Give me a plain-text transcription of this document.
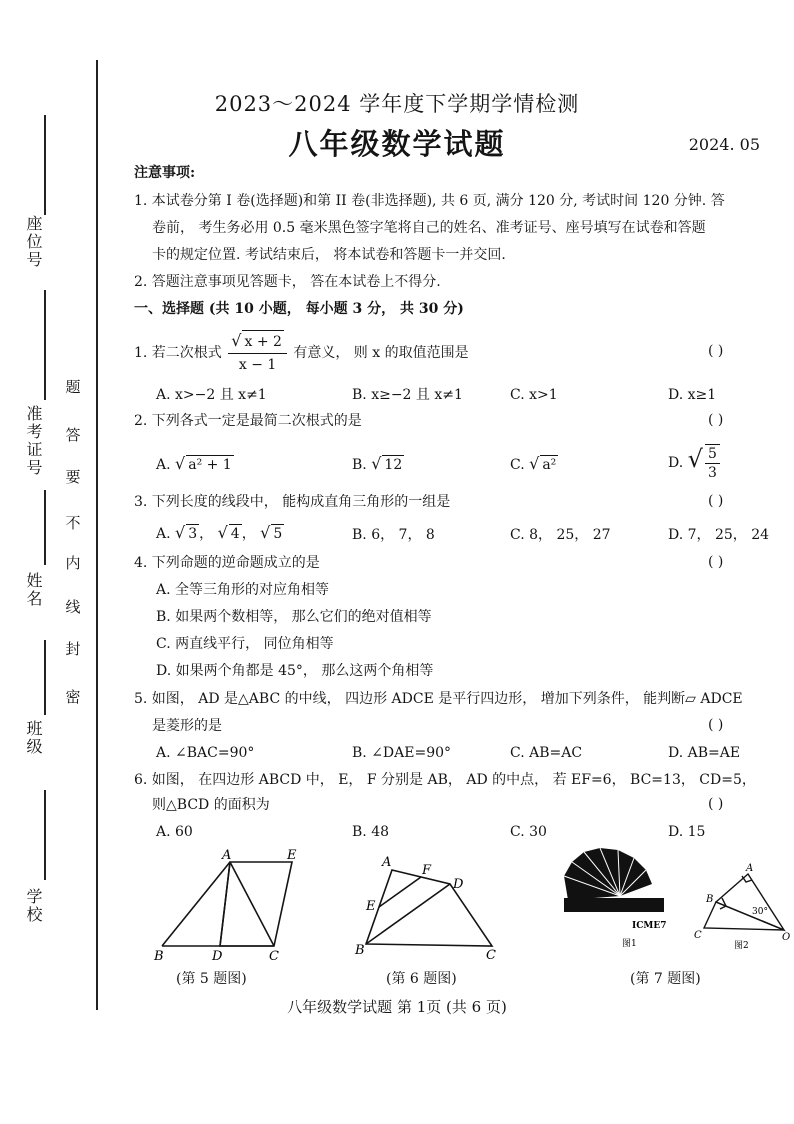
座位号
准考证号
姓名
班级
学校
题
答
要
不
内
线
封
密
2023～2024 学年度下学期学情检测
八年级数学试题	2024. 05
注意事项:
1. 本试卷分第 I 卷(选择题)和第 II 卷(非选择题), 共 6 页, 满分 120 分, 考试时间 120 分钟. 答
卷前， 考生务必用 0.5 毫米黑色签字笔将自己的姓名、准考证号、座号填写在试卷和答题
卡的规定位置. 考试结束后， 将本试卷和答题卡一并交回.
2. 答题注意事项见答题卡， 答在本试卷上不得分.
一、选择题 (共 10 小题， 每小题 3 分， 共 30 分)
1. 若二次根式 $\frac{√ x + 2}{x - 1}$ 有意义， 则 x 的取值范围是	( )
A. x>−2 且 x≠1	B. x≥−2 且 x≠1	C. x>1	D. x≥1
2. 下列各式一定是最简二次根式的是	( )
A. √ a² + 1	B. √ 12	C. √ a²	D. √ $\frac{5}{3}$
3. 下列长度的线段中， 能构成直角三角形的一组是	( )
A. √ 3 ， √ 4 ， √ 5	B. 6， 7， 8	C. 8， 25， 27	D. 7， 25， 24
4. 下列命题的逆命题成立的是	( )
A. 全等三角形的对应角相等
B. 如果两个数相等， 那么它们的绝对值相等
C. 两直线平行， 同位角相等
D. 如果两个角都是 45°， 那么这两个角相等
5. 如图， AD 是△ABC 的中线， 四边形 ADCE 是平行四边形， 增加下列条件， 能判断▱ ADCE
是菱形的是	( )
A. ∠BAC=90°	B. ∠DAE=90°	C. AB=AC	D. AB=AE
6. 如图， 在四边形 ABCD 中， E， F 分别是 AB， AD 的中点， 若 EF=6， BC=13， CD=5，
则△BCD 的面积为	( )
A. 60	B. 48	C. 30	D. 15
A	E
B	D	C
(第 5 题图)
A
F
D
E
B	C
(第 6 题图)
ICME7
图1
A
B
C	O
30°
图2
(第 7 题图)
八年级数学试题 第 1页 (共 6 页)
